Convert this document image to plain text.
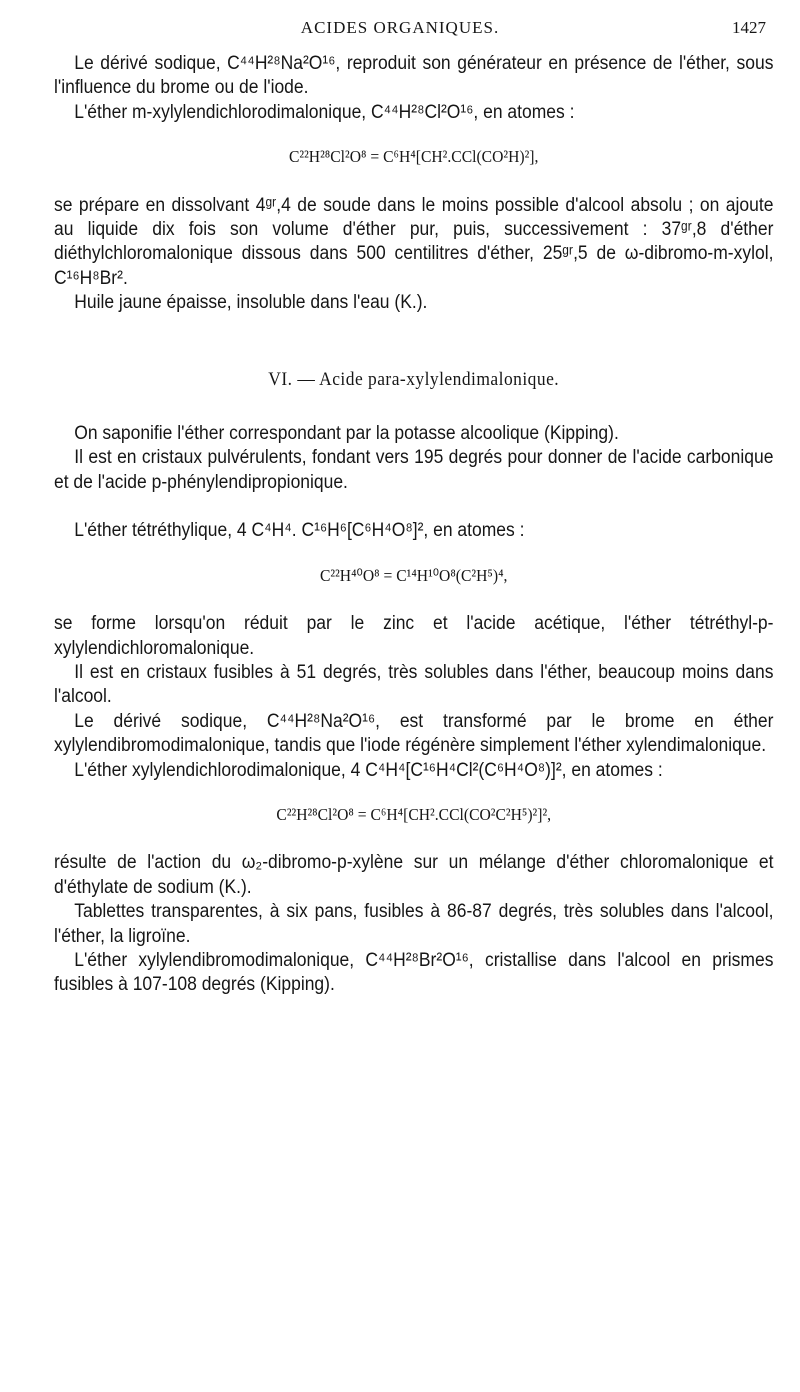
ACIDES ORGANIQUES.	1427

Le dérivé sodique, C⁴⁴H²⁸Na²O¹⁶, reproduit son générateur en présence de l'éther, sous l'influence du brome ou de l'iode.

L'éther m-xylylendichlorodimalonique, C⁴⁴H²⁸Cl²O¹⁶, en atomes :

C²²H²⁸Cl²O⁸ = C⁶H⁴[CH².CCl(CO²H)²],

se prépare en dissolvant 4ᵍʳ,4 de soude dans le moins possible d'alcool absolu ; on ajoute au liquide dix fois son volume d'éther pur, puis, successivement : 37ᵍʳ,8 d'éther diéthylchloromalonique dissous dans 500 centilitres d'éther, 25ᵍʳ,5 de ω-dibromo-m-xylol, C¹⁶H⁸Br².

Huile jaune épaisse, insoluble dans l'eau (K.).

VI. — Acide para-xylylendimalonique.

On saponifie l'éther correspondant par la potasse alcoolique (Kipping).

Il est en cristaux pulvérulents, fondant vers 195 degrés pour donner de l'acide carbonique et de l'acide p-phénylendipropionique.

L'éther tétréthylique, 4 C⁴H⁴. C¹⁶H⁶[C⁶H⁴O⁸]², en atomes :

C²²H⁴⁰O⁸ = C¹⁴H¹⁰O⁸(C²H⁵)⁴,

se forme lorsqu'on réduit par le zinc et l'acide acétique, l'éther tétréthyl-p-xylylendichloromalonique.

Il est en cristaux fusibles à 51 degrés, très solubles dans l'éther, beaucoup moins dans l'alcool.

Le dérivé sodique, C⁴⁴H²⁸Na²O¹⁶, est transformé par le brome en éther xylylendibromodimalonique, tandis que l'iode régénère simplement l'éther xylendimalonique.

L'éther xylylendichlorodimalonique, 4 C⁴H⁴[C¹⁶H⁴Cl²(C⁶H⁴O⁸)]², en atomes :

C²²H²⁸Cl²O⁸ = C⁶H⁴[CH².CCl(CO²C²H⁵)²]²,

résulte de l'action du ω₂-dibromo-p-xylène sur un mélange d'éther chloromalonique et d'éthylate de sodium (K.).

Tablettes transparentes, à six pans, fusibles à 86-87 degrés, très solubles dans l'alcool, l'éther, la ligroïne.

L'éther xylylendibromodimalonique, C⁴⁴H²⁸Br²O¹⁶, cristallise dans l'alcool en prismes fusibles à 107-108 degrés (Kipping).
